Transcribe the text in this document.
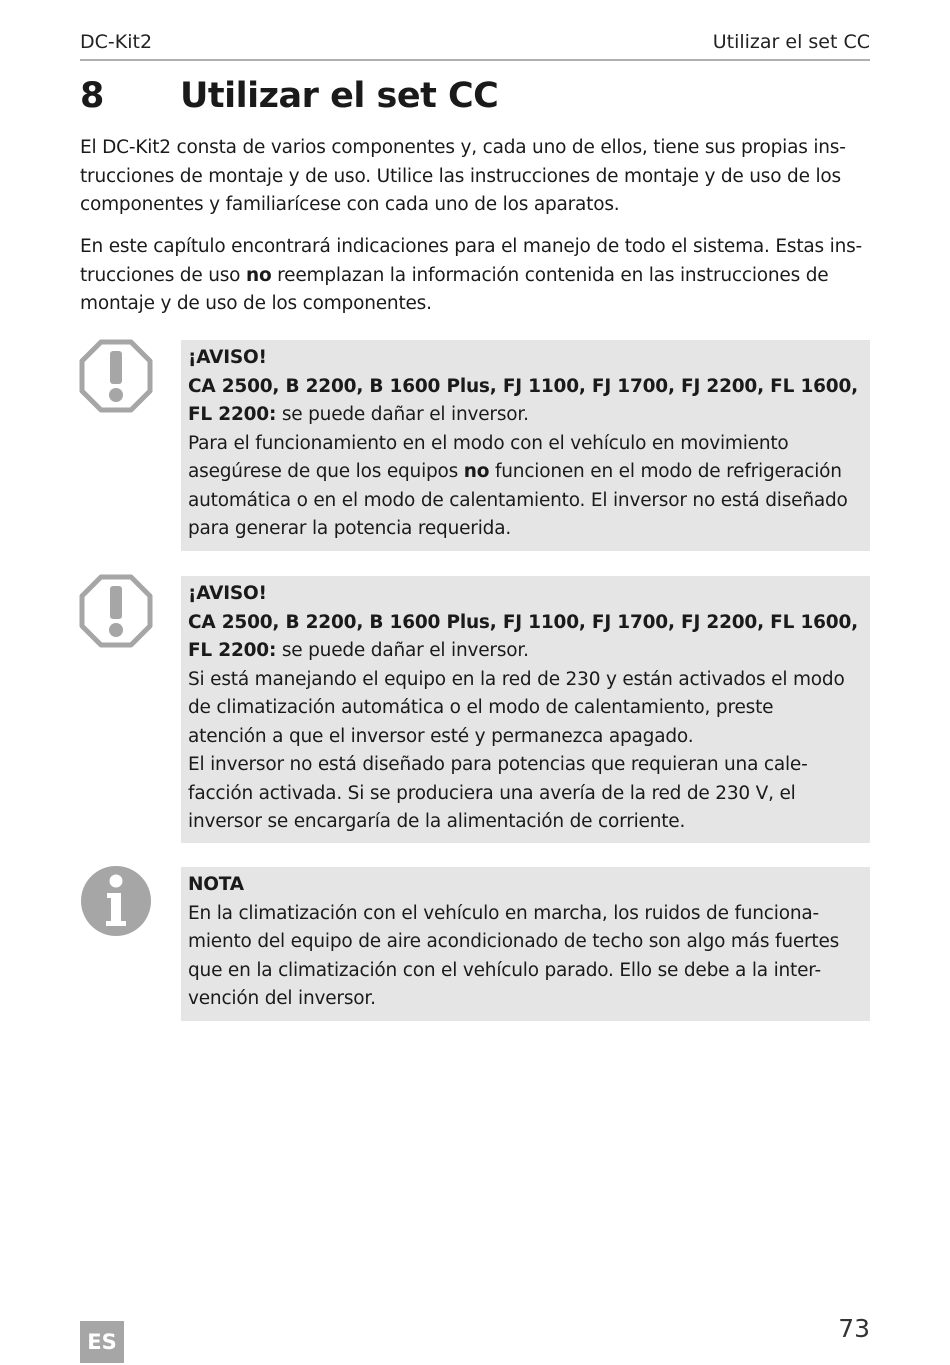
DC-Kit2	Utilizar el set CC
8 Utilizar el set CC

El DC-Kit2 consta de varios componentes y, cada uno de ellos, tiene sus propias ins-
trucciones de montaje y de uso. Utilice las instrucciones de montaje y de uso de los
componentes y familiarícese con cada uno de los aparatos.

En este capítulo encontrará indicaciones para el manejo de todo el sistema. Estas ins-
trucciones de uso no reemplazan la información contenida en las instrucciones de
montaje y de uso de los componentes.

¡AVISO!
CA 2500, B 2200, B 1600 Plus, FJ 1100, FJ 1700, FJ 2200, FL 1600,
FL 2200: se puede dañar el inversor.
Para el funcionamiento en el modo con el vehículo en movimiento
asegúrese de que los equipos no funcionen en el modo de refrigeración
automática o en el modo de calentamiento. El inversor no está diseñado
para generar la potencia requerida.
¡AVISO!
CA 2500, B 2200, B 1600 Plus, FJ 1100, FJ 1700, FJ 2200, FL 1600,
FL 2200: se puede dañar el inversor.
Si está manejando el equipo en la red de 230 y están activados el modo
de climatización automática o el modo de calentamiento, preste
atención a que el inversor esté y permanezca apagado.
El inversor no está diseñado para potencias que requieran una cale-
facción activada. Si se produciera una avería de la red de 230 V, el
inversor se encargaría de la alimentación de corriente.
NOTA
En la climatización con el vehículo en marcha, los ruidos de funciona-
miento del equipo de aire acondicionado de techo son algo más fuertes
que en la climatización con el vehículo parado. Ello se debe a la inter-
vención del inversor.
ES	73
